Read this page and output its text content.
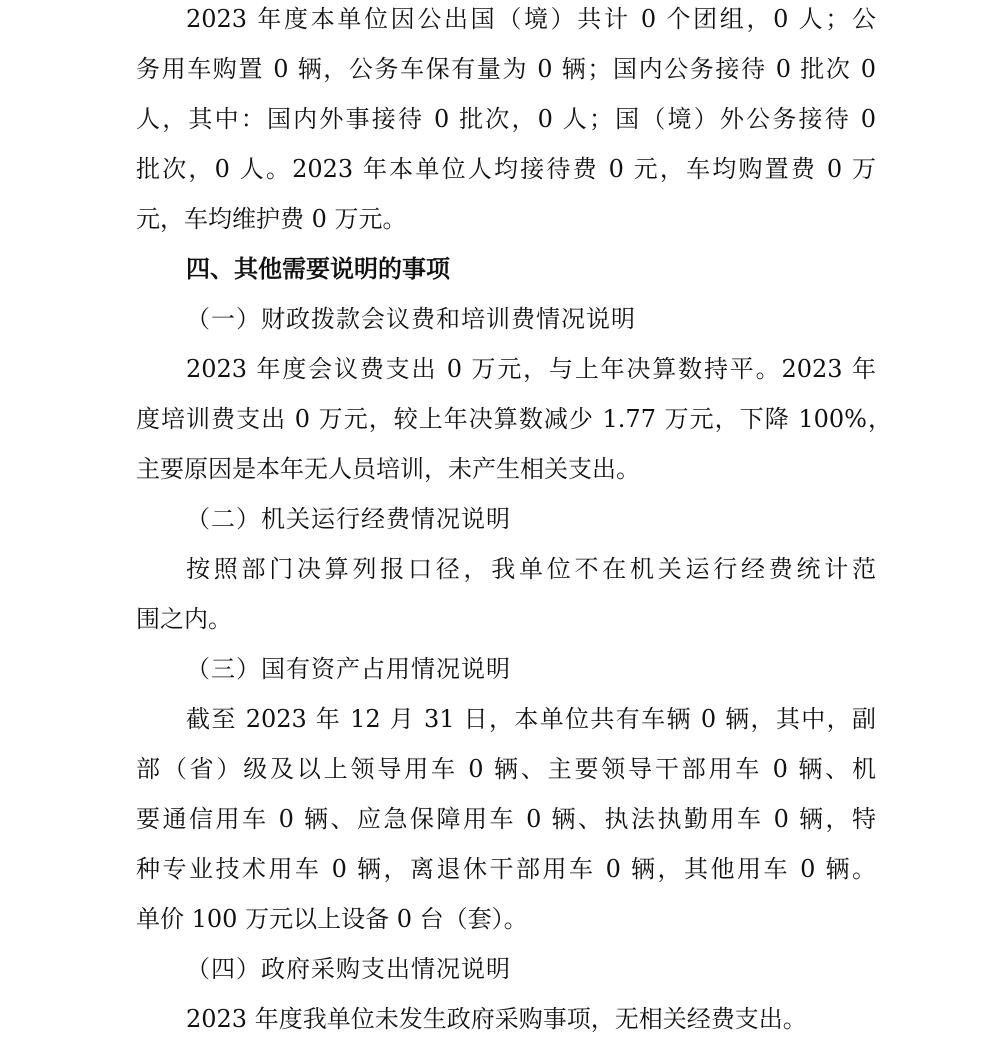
2023 年度本单位因公出国（境）共计 0 个团组，0 人；公
务用车购置 0 辆，公务车保有量为 0 辆；国内公务接待 0 批次 0
人，其中：国内外事接待 0 批次，0 人；国（境）外公务接待 0
批次，0 人。2023 年本单位人均接待费 0 元，车均购置费 0 万
元，车均维护费 0 万元。
四、其他需要说明的事项
（一）财政拨款会议费和培训费情况说明
2023 年度会议费支出 0 万元，与上年决算数持平。2023 年
度培训费支出 0 万元，较上年决算数减少 1.77 万元，下降 100%，
主要原因是本年无人员培训，未产生相关支出。
（二）机关运行经费情况说明
按照部门决算列报口径，我单位不在机关运行经费统计范
围之内。
（三）国有资产占用情况说明
截至 2023 年 12 月 31 日，本单位共有车辆 0 辆，其中，副
部（省）级及以上领导用车 0 辆、主要领导干部用车 0 辆、机
要通信用车 0 辆、应急保障用车 0 辆、执法执勤用车 0 辆，特
种专业技术用车 0 辆，离退休干部用车 0 辆，其他用车 0 辆。
单价 100 万元以上设备 0 台（套）。
（四）政府采购支出情况说明
2023 年度我单位未发生政府采购事项，无相关经费支出。
